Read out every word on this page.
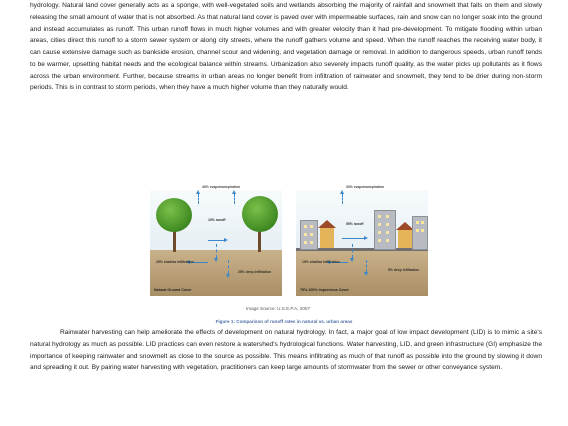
hydrology. Natural land cover generally acts as a sponge, with well-vegetated soils and wetlands absorbing the majority of rainfall and snowmelt that falls on them and slowly releasing the small amount of water that is not absorbed. As that natural land cover is paved over with impermeable surfaces, rain and snow can no longer soak into the ground and instead accumulates as runoff. This urban runoff flows in much higher volumes and with greater velocity than it had pre-development. To mitigate flooding within urban areas, cities direct this runoff to a storm sewer system or along city streets, where the runoff gathers volume and speed. When the runoff reaches the receiving water body, it can cause extensive damage such as bankside erosion, channel scour and widening, and vegetation damage or removal. In addition to dangerous speeds, urban runoff tends to be warmer, upsetting habitat needs and the ecological balance within streams. Urbanization also severely impacts runoff quality, as the water picks up pollutants as it flows across the urban environment. Further, because streams in urban areas no longer benefit from infiltration of rainwater and snowmelt, they tend to be drier during non-storm periods. This is in contrast to storm periods, when they have a much higher volume than they naturally would.

40% evapotranspiration
10% runoff
25% shallow infiltration
25% deep infiltration
Natural Ground Cover
30% evapotranspiration
55% runoff
10% shallow infiltration
5% deep infiltration
75%-100% Impervious Cover
Image Source: U.S.E.P.A, 2007
Figure 1: Comparison of runoff rates in natural vs. urban areas

Rainwater harvesting can help ameliorate the effects of development on natural hydrology. In fact, a major goal of low impact development (LID) is to mimic a site's natural hydrology as much as possible. LID practices can even restore a watershed's hydrological functions. Water harvesting, LID, and green infrastructure (GI) emphasize the importance of keeping rainwater and snowmelt as close to the source as possible. This means infiltrating as much of that runoff as possible into the ground by slowing it down and spreading it out. By pairing water harvesting with vegetation, practitioners can keep large amounts of stormwater from the sewer or other conveyance system.
